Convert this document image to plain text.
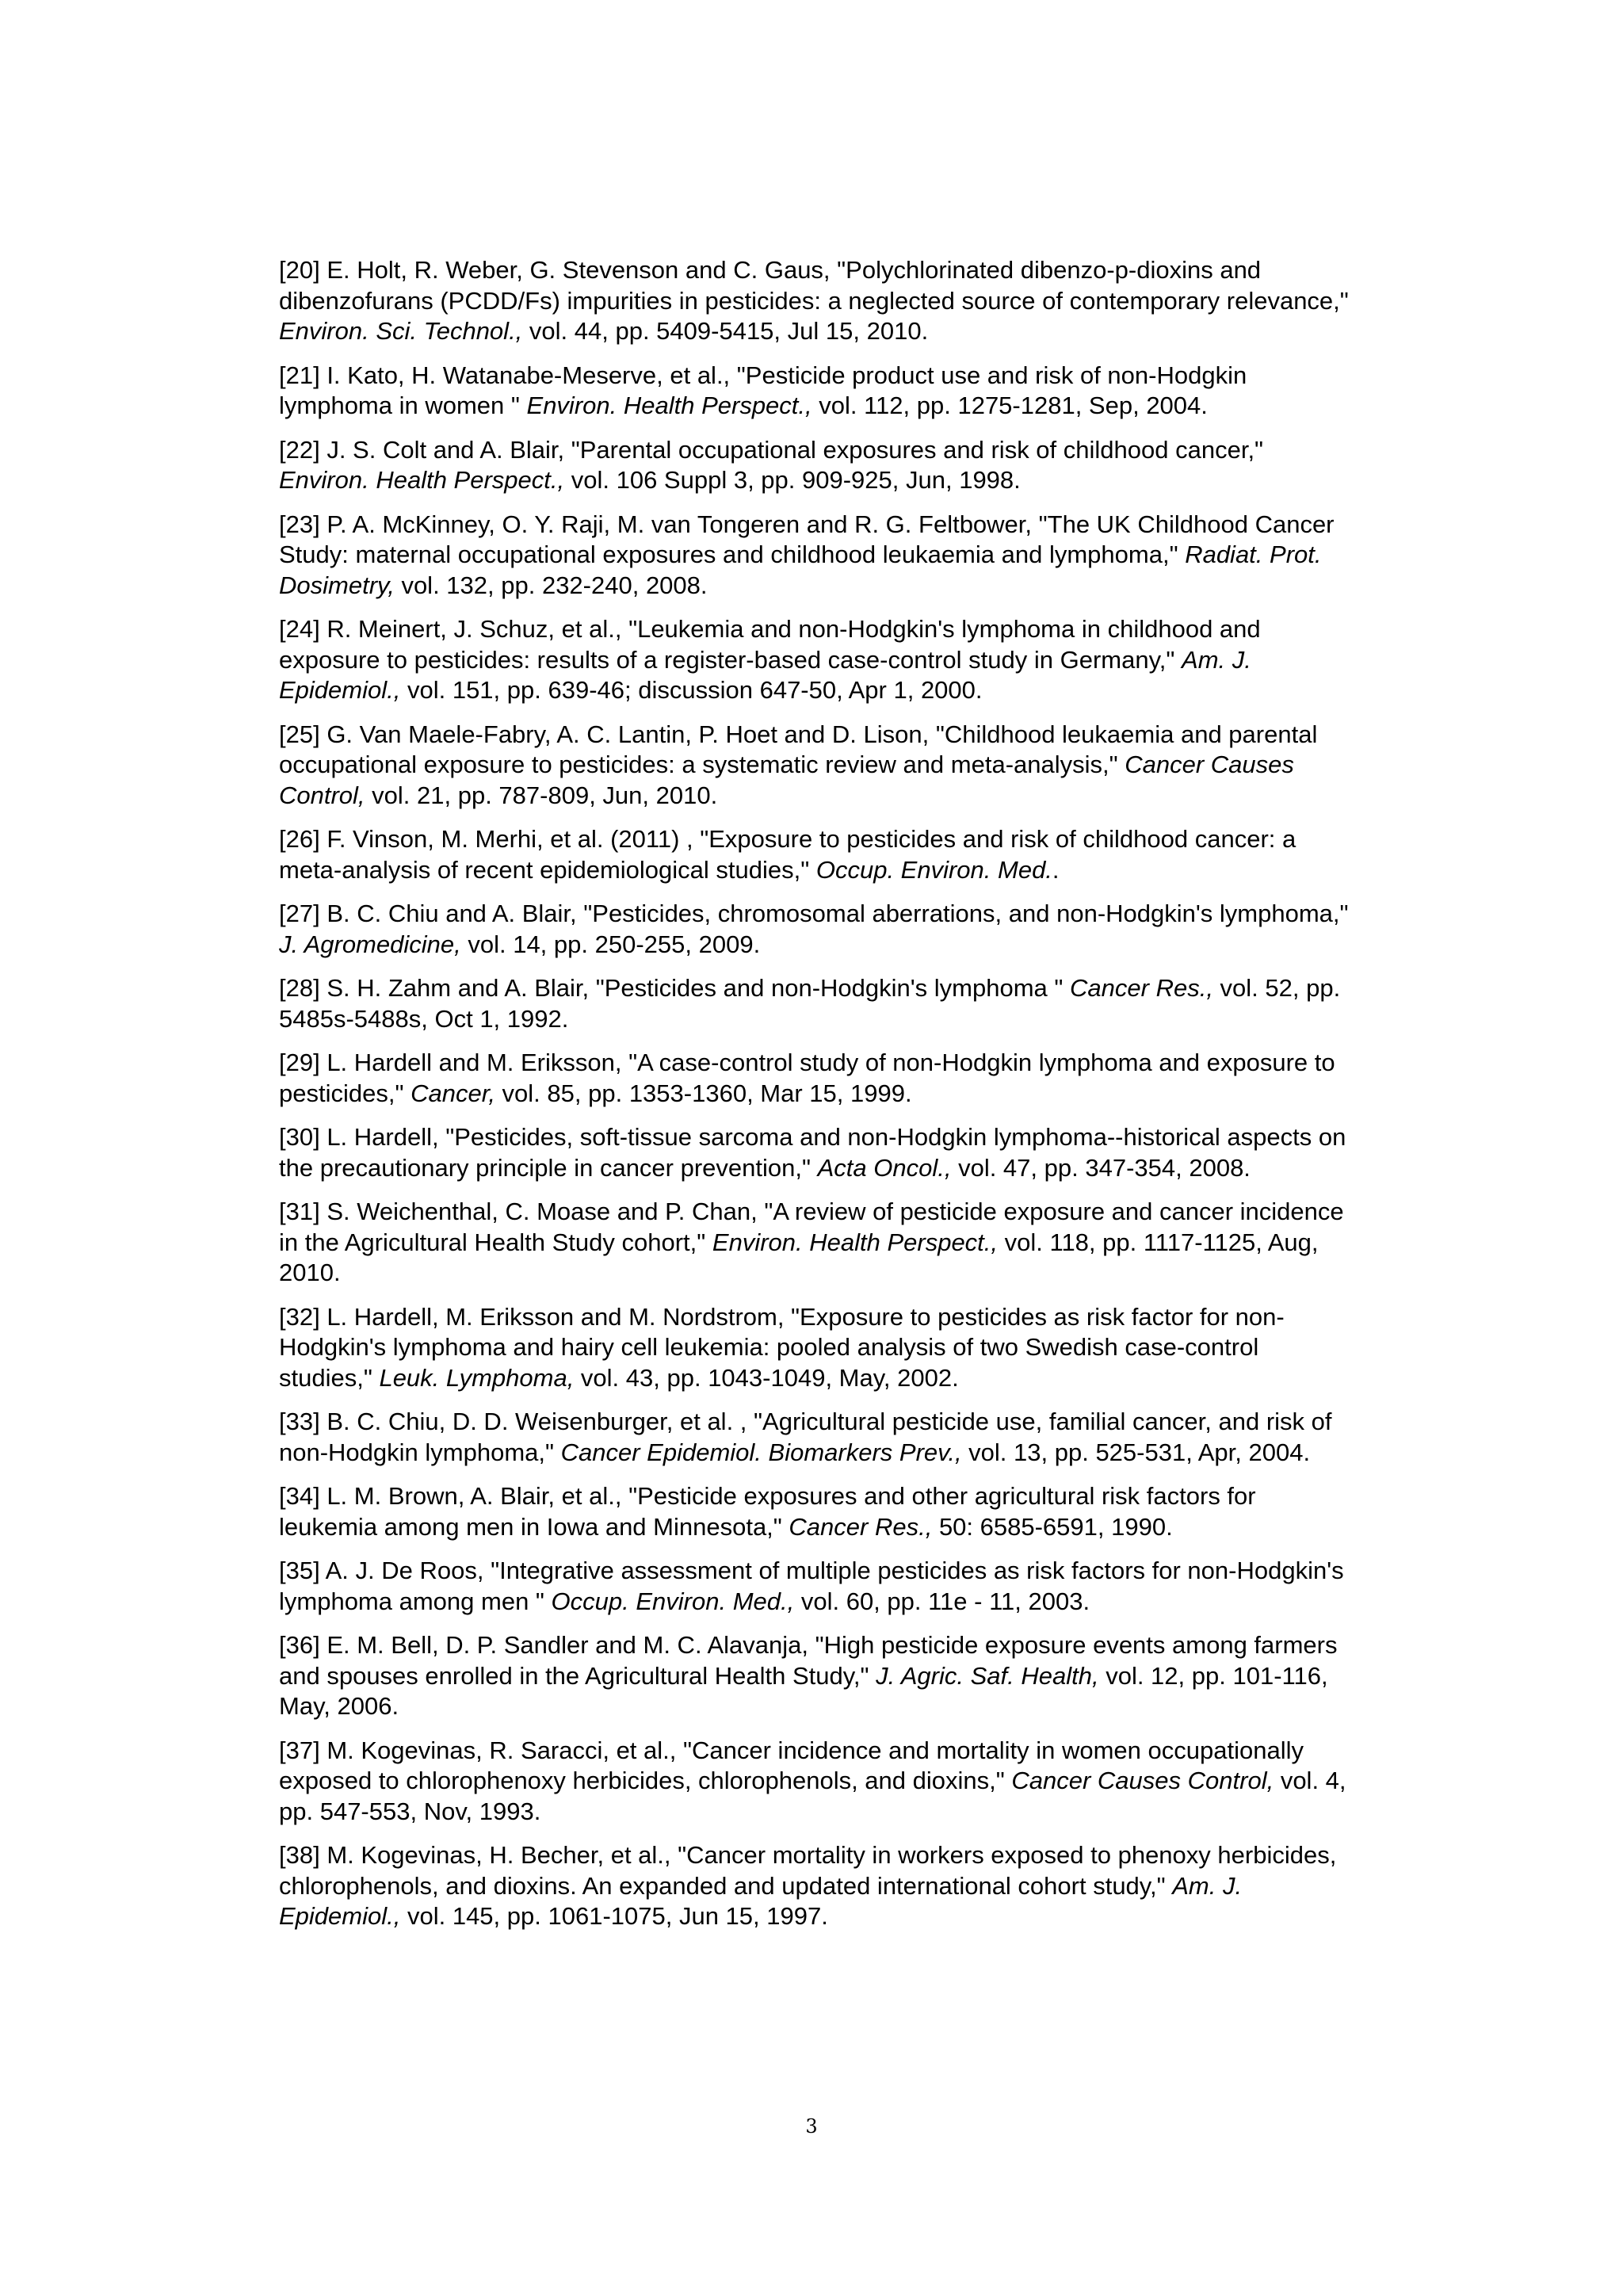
[20] E. Holt, R. Weber, G. Stevenson and C. Gaus, "Polychlorinated dibenzo-p-dioxins and dibenzofurans (PCDD/Fs) impurities in pesticides: a neglected source of contemporary relevance," Environ. Sci. Technol., vol. 44, pp. 5409-5415, Jul 15, 2010.

[21] I. Kato, H. Watanabe-Meserve, et al., "Pesticide product use and risk of non-Hodgkin lymphoma in women " Environ. Health Perspect., vol. 112, pp. 1275-1281, Sep, 2004.

[22] J. S. Colt and A. Blair, "Parental occupational exposures and risk of childhood cancer," Environ. Health Perspect., vol. 106 Suppl 3, pp. 909-925, Jun, 1998.

[23] P. A. McKinney, O. Y. Raji, M. van Tongeren and R. G. Feltbower, "The UK Childhood Cancer Study: maternal occupational exposures and childhood leukaemia and lymphoma," Radiat. Prot. Dosimetry, vol. 132, pp. 232-240, 2008.

[24] R. Meinert, J. Schuz, et al., "Leukemia and non-Hodgkin's lymphoma in childhood and exposure to pesticides: results of a register-based case-control study in Germany," Am. J. Epidemiol., vol. 151, pp. 639-46; discussion 647-50, Apr 1, 2000.

[25] G. Van Maele-Fabry, A. C. Lantin, P. Hoet and D. Lison, "Childhood leukaemia and parental occupational exposure to pesticides: a systematic review and meta-analysis," Cancer Causes Control, vol. 21, pp. 787-809, Jun, 2010.

[26] F. Vinson, M. Merhi, et al. (2011) , "Exposure to pesticides and risk of childhood cancer: a meta-analysis of recent epidemiological studies," Occup. Environ. Med..

[27] B. C. Chiu and A. Blair, "Pesticides, chromosomal aberrations, and non-Hodgkin's lymphoma," J. Agromedicine, vol. 14, pp. 250-255, 2009.

[28] S. H. Zahm and A. Blair, "Pesticides and non-Hodgkin's lymphoma " Cancer Res., vol. 52, pp. 5485s-5488s, Oct 1, 1992.

[29] L. Hardell and M. Eriksson, "A case-control study of non-Hodgkin lymphoma and exposure to pesticides," Cancer, vol. 85, pp. 1353-1360, Mar 15, 1999.

[30] L. Hardell, "Pesticides, soft-tissue sarcoma and non-Hodgkin lymphoma--historical aspects on the precautionary principle in cancer prevention," Acta Oncol., vol. 47, pp. 347-354, 2008.

[31] S. Weichenthal, C. Moase and P. Chan, "A review of pesticide exposure and cancer incidence in the Agricultural Health Study cohort," Environ. Health Perspect., vol. 118, pp. 1117-1125, Aug, 2010.

[32] L. Hardell, M. Eriksson and M. Nordstrom, "Exposure to pesticides as risk factor for non-Hodgkin's lymphoma and hairy cell leukemia: pooled analysis of two Swedish case-control studies," Leuk. Lymphoma, vol. 43, pp. 1043-1049, May, 2002.

[33] B. C. Chiu, D. D. Weisenburger, et al. , "Agricultural pesticide use, familial cancer, and risk of non-Hodgkin lymphoma," Cancer Epidemiol. Biomarkers Prev., vol. 13, pp. 525-531, Apr, 2004.

[34] L. M. Brown, A. Blair, et al., "Pesticide exposures and other agricultural risk factors for leukemia among men in Iowa and Minnesota," Cancer Res., 50: 6585-6591, 1990.

[35] A. J. De Roos, "Integrative assessment of multiple pesticides as risk factors for non-Hodgkin's lymphoma among men " Occup. Environ. Med., vol. 60, pp. 11e - 11, 2003.

[36] E. M. Bell, D. P. Sandler and M. C. Alavanja, "High pesticide exposure events among farmers and spouses enrolled in the Agricultural Health Study," J. Agric. Saf. Health, vol. 12, pp. 101-116, May, 2006.

[37] M. Kogevinas, R. Saracci, et al., "Cancer incidence and mortality in women occupationally exposed to chlorophenoxy herbicides, chlorophenols, and dioxins," Cancer Causes Control, vol. 4, pp. 547-553, Nov, 1993.

[38] M. Kogevinas, H. Becher, et al., "Cancer mortality in workers exposed to phenoxy herbicides, chlorophenols, and dioxins. An expanded and updated international cohort study," Am. J. Epidemiol., vol. 145, pp. 1061-1075, Jun 15, 1997.

3
